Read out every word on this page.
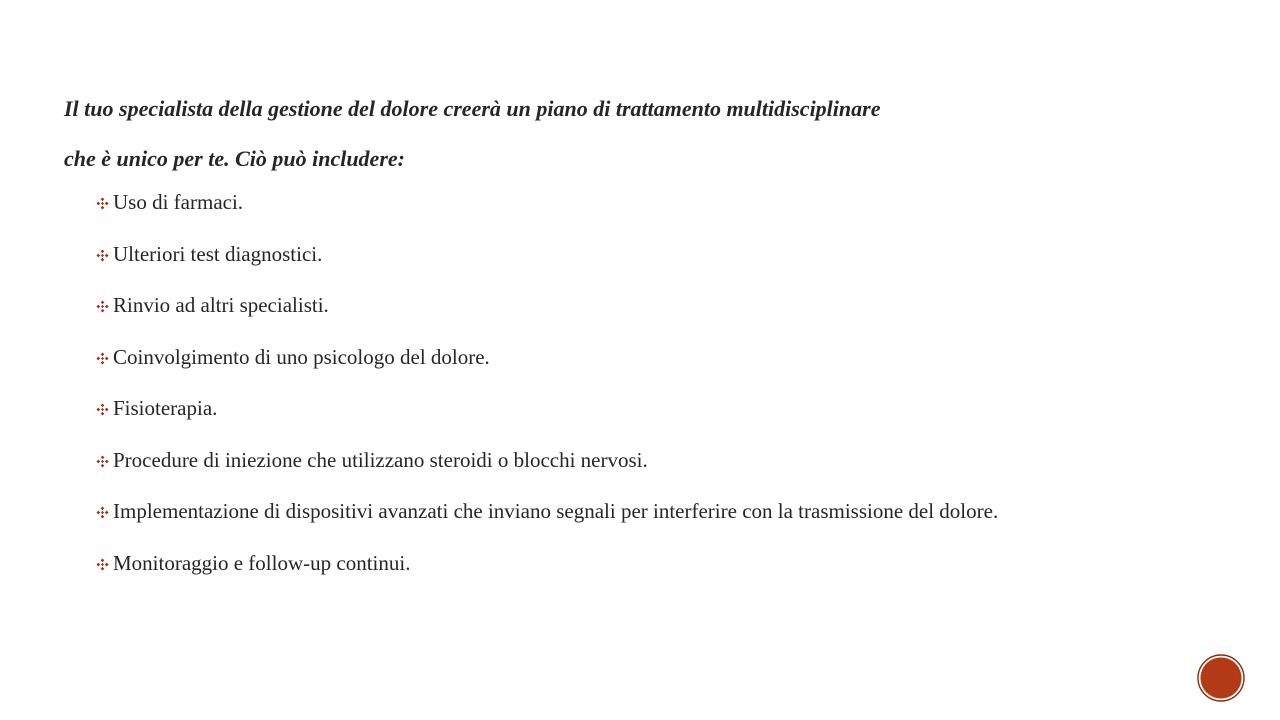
Il tuo specialista della gestione del dolore creerà un piano di trattamento multidisciplinare
che è unico per te. Ciò può includere:

Uso di farmaci.
Ulteriori test diagnostici.
Rinvio ad altri specialisti.
Coinvolgimento di uno psicologo del dolore.
Fisioterapia.
Procedure di iniezione che utilizzano steroidi o blocchi nervosi.
Implementazione di dispositivi avanzati che inviano segnali per interferire con la trasmissione del dolore.
Monitoraggio e follow-up continui.
